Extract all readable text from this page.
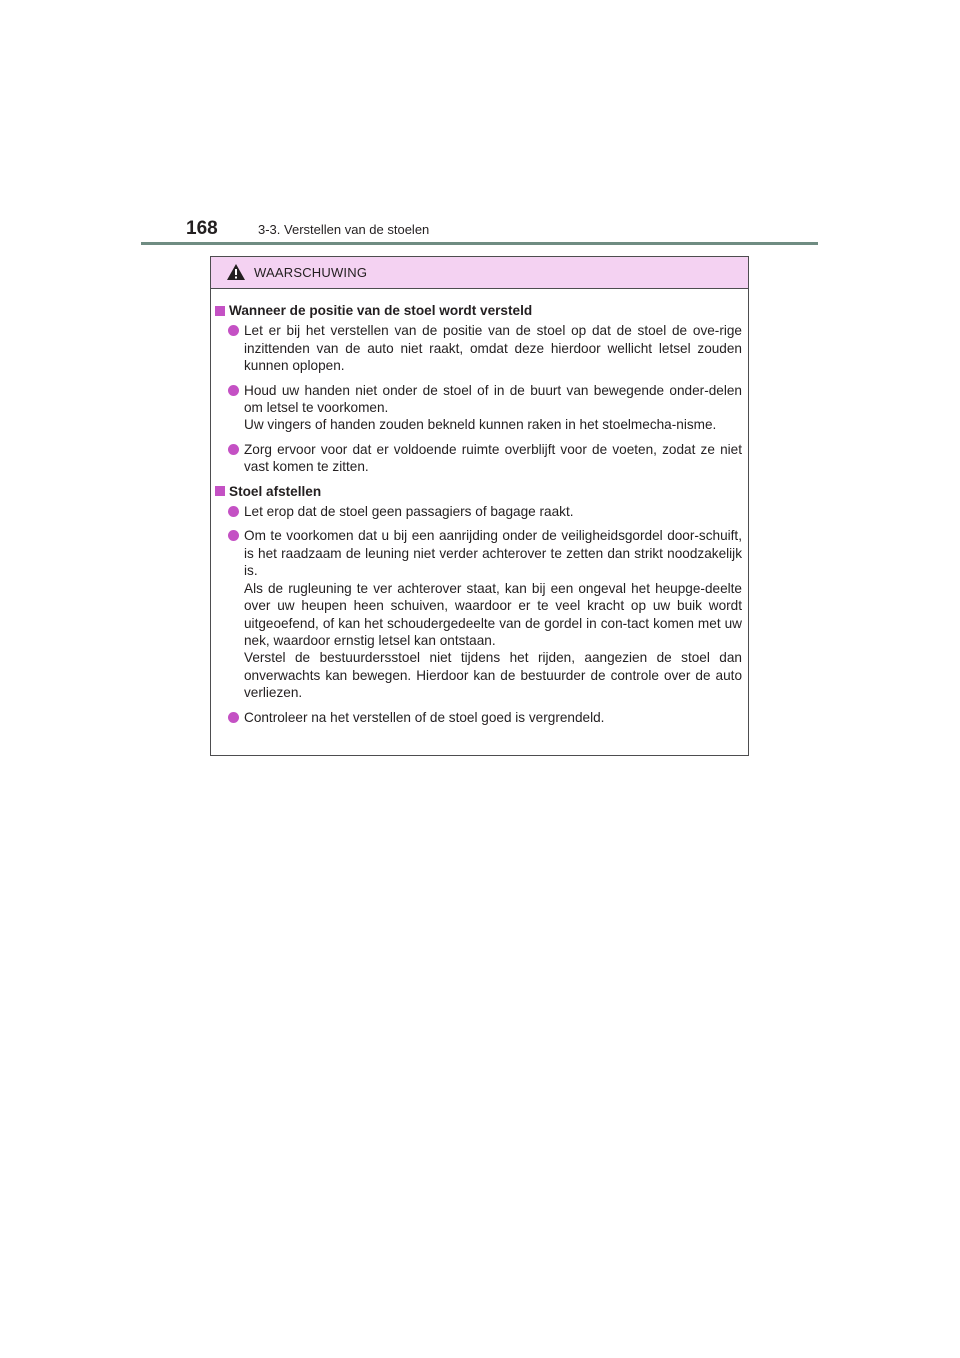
168	3-3. Verstellen van de stoelen
WAARSCHUWING
Wanneer de positie van de stoel wordt versteld
Let er bij het verstellen van de positie van de stoel op dat de stoel de ove-rige inzittenden van de auto niet raakt, omdat deze hierdoor wellicht letsel zouden kunnen oplopen.
Houd uw handen niet onder de stoel of in de buurt van bewegende onder-delen om letsel te voorkomen.
Uw vingers of handen zouden bekneld kunnen raken in het stoelmecha-nisme.
Zorg ervoor voor dat er voldoende ruimte overblijft voor de voeten, zodat ze niet vast komen te zitten.
Stoel afstellen
Let erop dat de stoel geen passagiers of bagage raakt.
Om te voorkomen dat u bij een aanrijding onder de veiligheidsgordel door-schuift, is het raadzaam de leuning niet verder achterover te zetten dan strikt noodzakelijk is.
Als de rugleuning te ver achterover staat, kan bij een ongeval het heupge-deelte over uw heupen heen schuiven, waardoor er te veel kracht op uw buik wordt uitgeoefend, of kan het schoudergedeelte van de gordel in con-tact komen met uw nek, waardoor ernstig letsel kan ontstaan.
Verstel de bestuurdersstoel niet tijdens het rijden, aangezien de stoel dan onverwachts kan bewegen. Hierdoor kan de bestuurder de controle over de auto verliezen.
Controleer na het verstellen of de stoel goed is vergrendeld.
